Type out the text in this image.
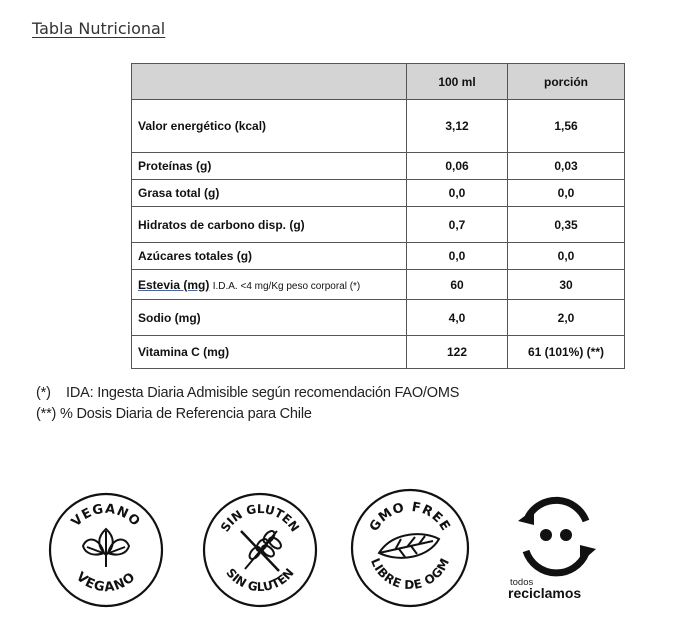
Tabla Nutricional
	100 ml	porción
Valor energético (kcal)	3,12	1,56
Proteínas (g)	0,06	0,03
Grasa total (g)	0,0	0,0
Hidratos de carbono disp. (g)	0,7	0,35
Azúcares totales (g)	0,0	0,0
Estevia (mg) I.D.A. <4 mg/Kg peso corporal (*)	60	30
Sodio (mg)	4,0	2,0
Vitamina C (mg)	122	61 (101%) (**)
(*) IDA: Ingesta Diaria Admisible según recomendación FAO/OMS
(**) % Dosis Diaria de Referencia para Chile
VEGANO
VEGANO
SIN GLUTEN
SIN GLUTEN
GMO FREE
LIBRE DE OGM
todos
reciclamos
